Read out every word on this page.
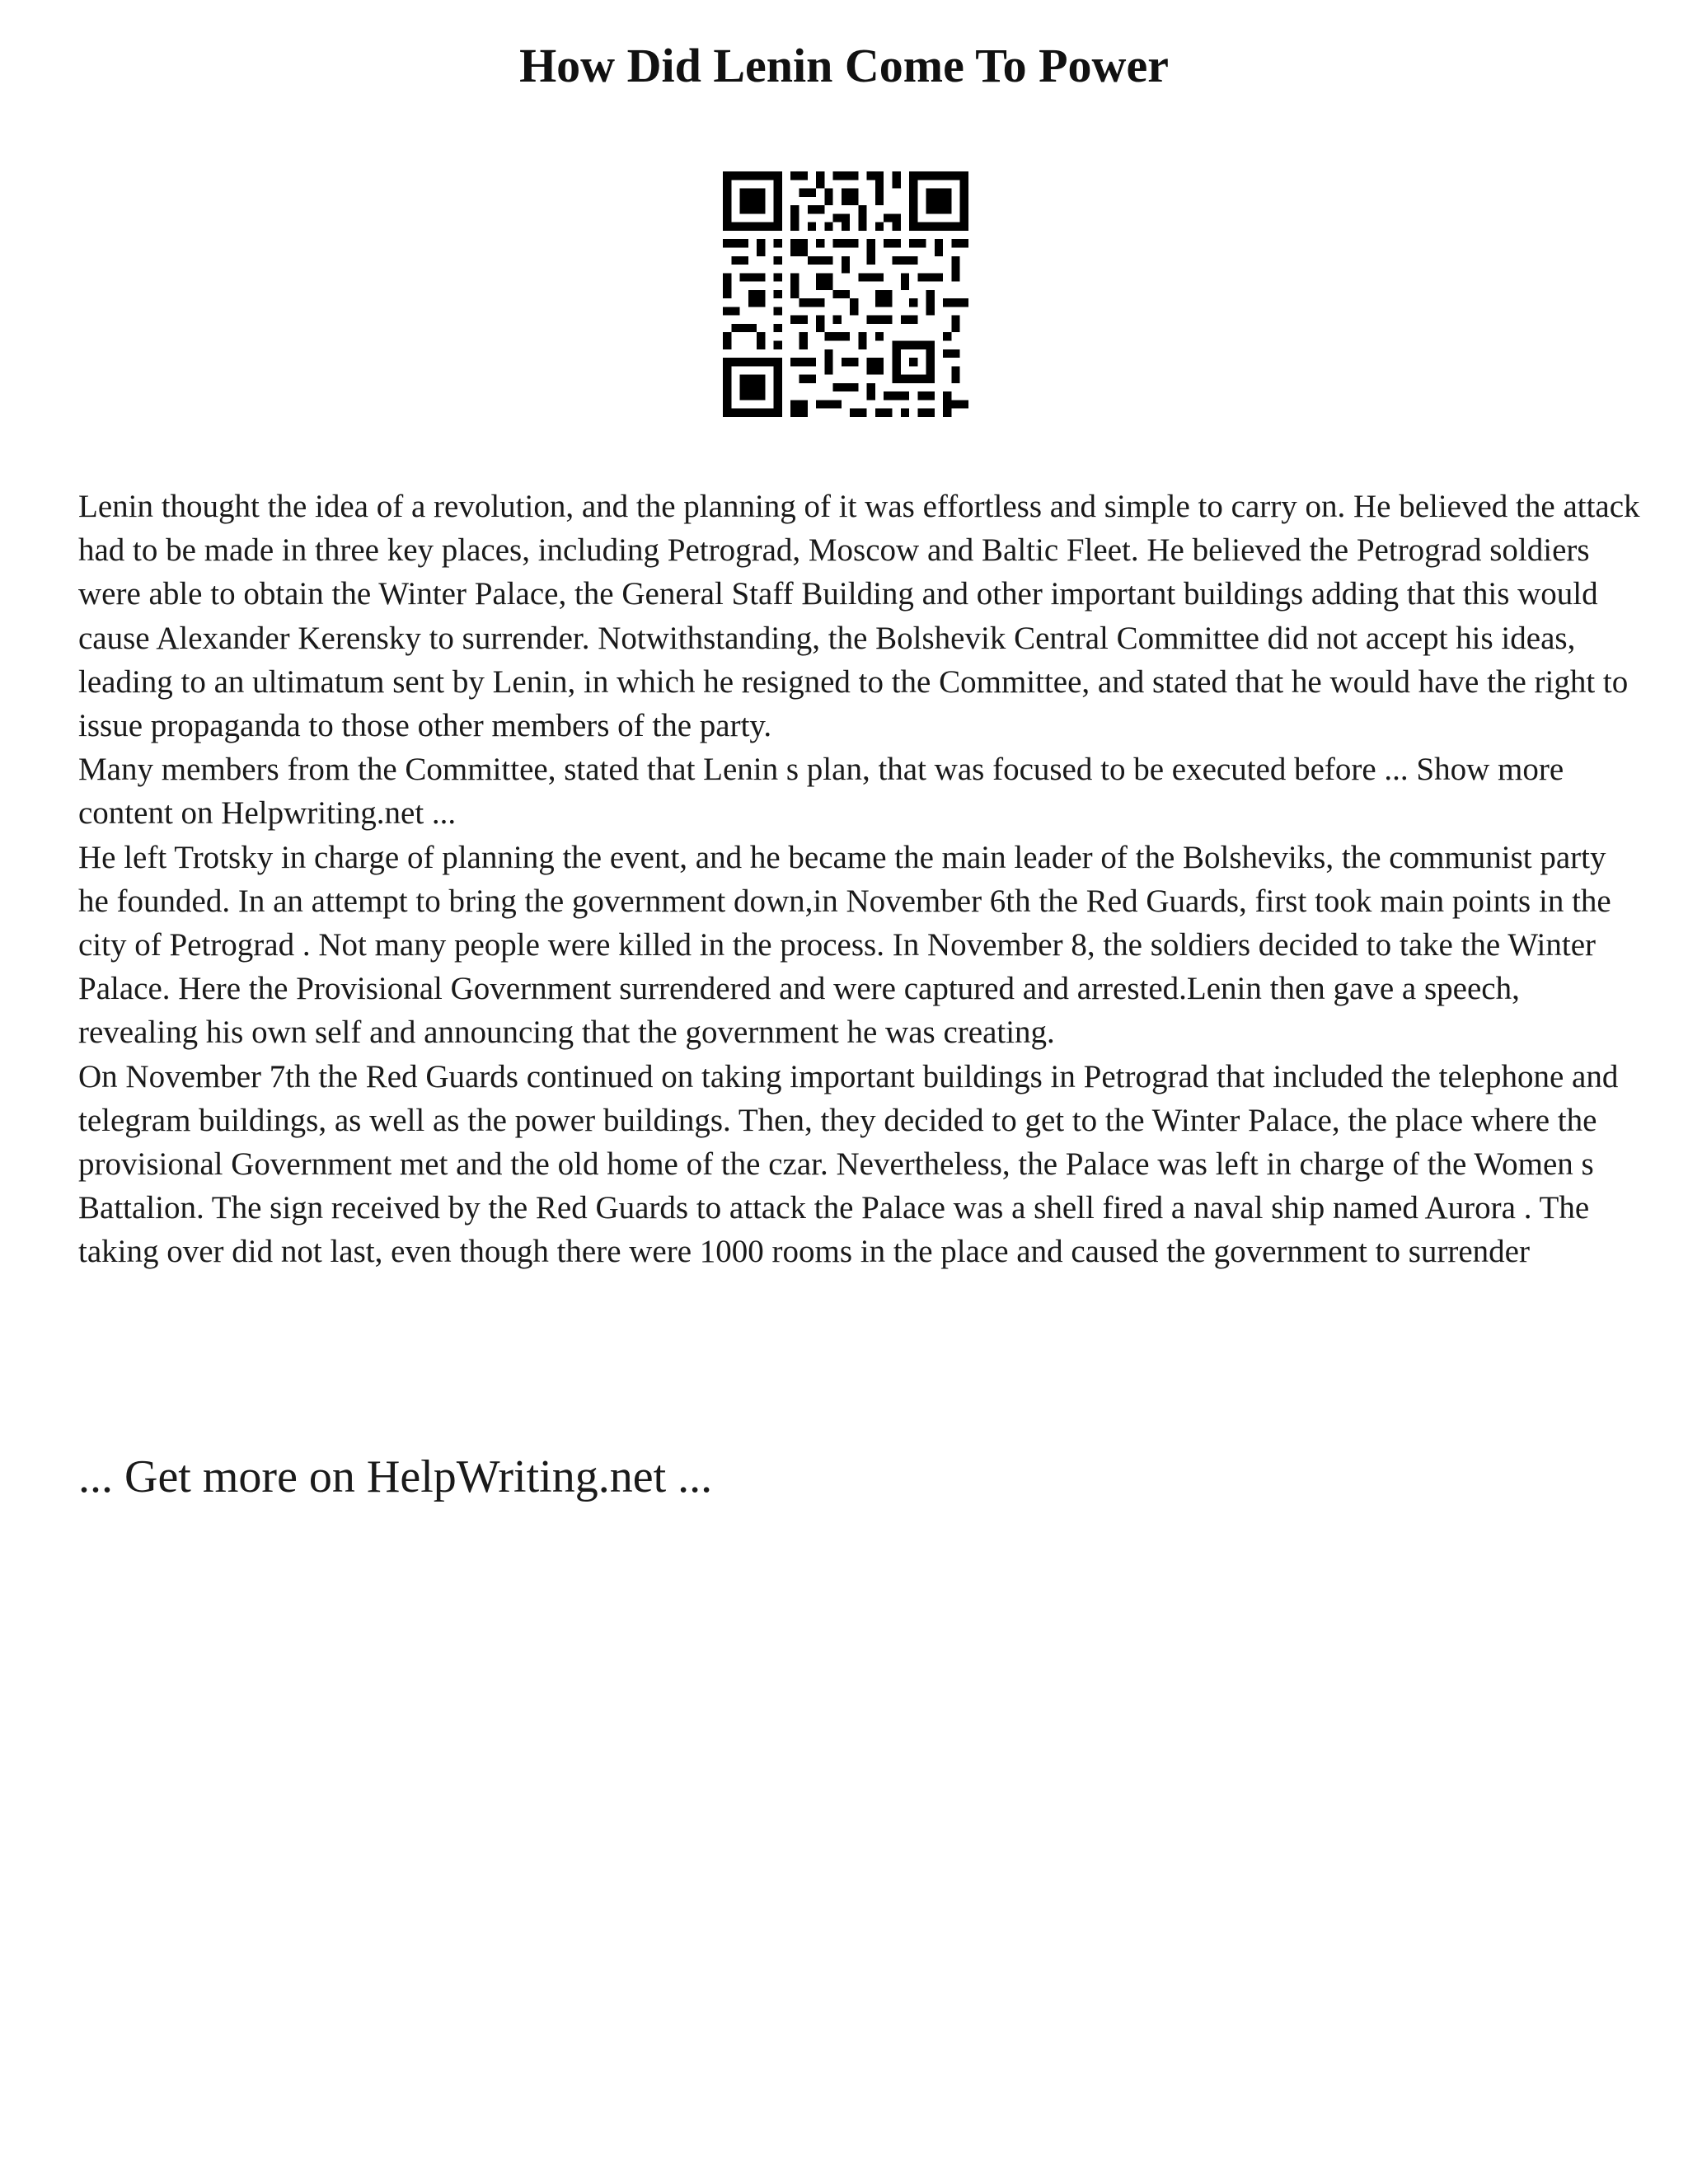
How Did Lenin Come To Power

Lenin thought the idea of a revolution, and the planning of it was effortless and simple to carry on. He believed the attack had to be made in three key places, including Petrograd, Moscow and Baltic Fleet. He believed the Petrograd soldiers were able to obtain the Winter Palace, the General Staff Building and other important buildings adding that this would cause Alexander Kerensky to surrender. Notwithstanding, the Bolshevik Central Committee did not accept his ideas, leading to an ultimatum sent by Lenin, in which he resigned to the Committee, and stated that he would have the right to issue propaganda to those other members of the party.

Many members from the Committee, stated that Lenin s plan, that was focused to be executed before ... Show more content on Helpwriting.net ...

He left Trotsky in charge of planning the event, and he became the main leader of the Bolsheviks, the communist party he founded. In an attempt to bring the government down,in November 6th the Red Guards, first took main points in the city of Petrograd . Not many people were killed in the process. In November 8, the soldiers decided to take the Winter Palace. Here the Provisional Government surrendered and were captured and arrested.Lenin then gave a speech, revealing his own self and announcing that the government he was creating.

On November 7th the Red Guards continued on taking important buildings in Petrograd that included the telephone and telegram buildings, as well as the power buildings. Then, they decided to get to the Winter Palace, the place where the provisional Government met and the old home of the czar. Nevertheless, the Palace was left in charge of the Women s Battalion. The sign received by the Red Guards to attack the Palace was a shell fired a naval ship named Aurora . The taking over did not last, even though there were 1000 rooms in the place and caused the government to surrender

... Get more on HelpWriting.net ...
